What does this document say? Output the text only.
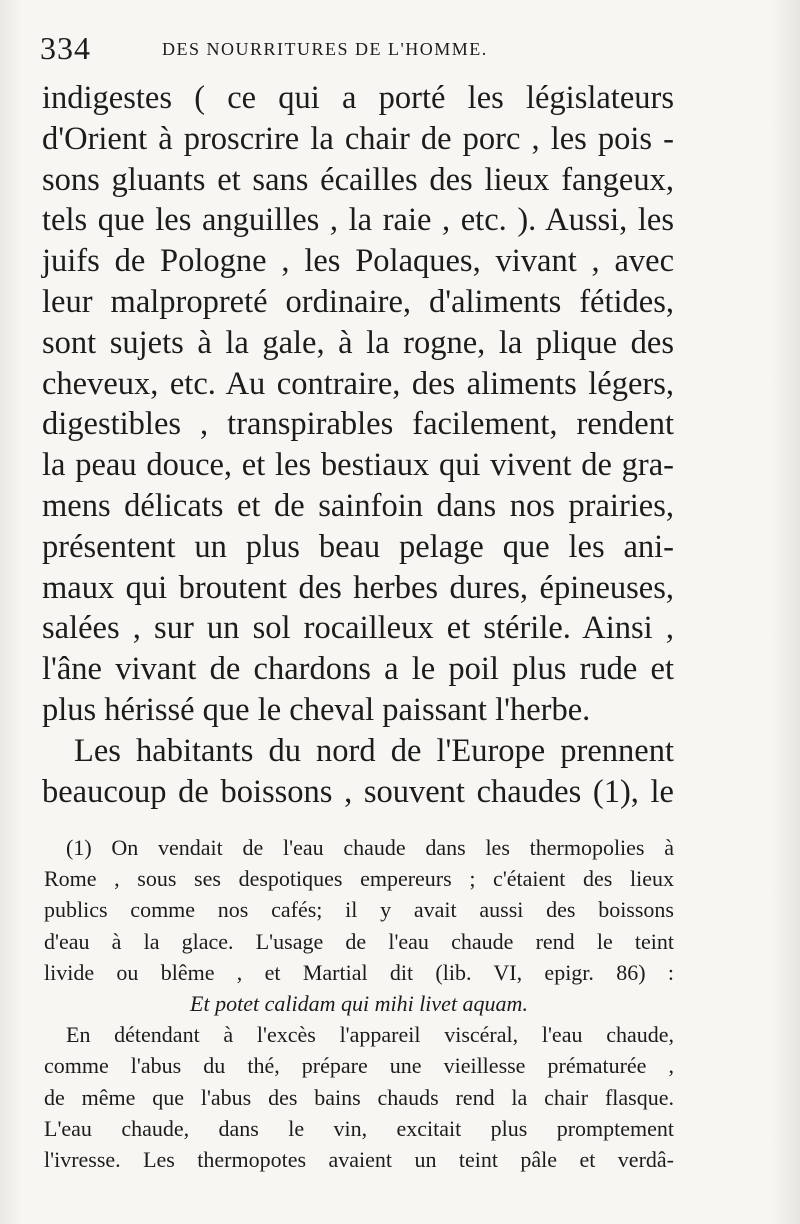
334	DES NOURRITURES DE L'HOMME.
indigestes ( ce qui a porté les législateurs
d'Orient à proscrire la chair de porc , les pois -
sons gluants et sans écailles des lieux fangeux,
tels que les anguilles , la raie , etc. ). Aussi, les
juifs de Pologne , les Polaques, vivant , avec
leur malpropreté ordinaire, d'aliments fétides,
sont sujets à la gale, à la rogne, la plique des
cheveux, etc. Au contraire, des aliments légers,
digestibles , transpirables facilement, rendent
la peau douce, et les bestiaux qui vivent de gra-
mens délicats et de sainfoin dans nos prairies,
présentent un plus beau pelage que les ani-
maux qui broutent des herbes dures, épineuses,
salées , sur un sol rocailleux et stérile. Ainsi ,
l'âne vivant de chardons a le poil plus rude et
plus hérissé que le cheval paissant l'herbe.
Les habitants du nord de l'Europe prennent
beaucoup de boissons , souvent chaudes (1), le
(1) On vendait de l'eau chaude dans les thermopolies à
Rome , sous ses despotiques empereurs ; c'étaient des lieux
publics comme nos cafés; il y avait aussi des boissons
d'eau à la glace. L'usage de l'eau chaude rend le teint
livide ou blême , et Martial dit (lib. VI, epigr. 86) :
Et potet calidam qui mihi livet aquam.
En détendant à l'excès l'appareil viscéral, l'eau chaude,
comme l'abus du thé, prépare une vieillesse prématurée ,
de même que l'abus des bains chauds rend la chair flasque.
L'eau chaude, dans le vin, excitait plus promptement
l'ivresse. Les thermopotes avaient un teint pâle et verdâ-
